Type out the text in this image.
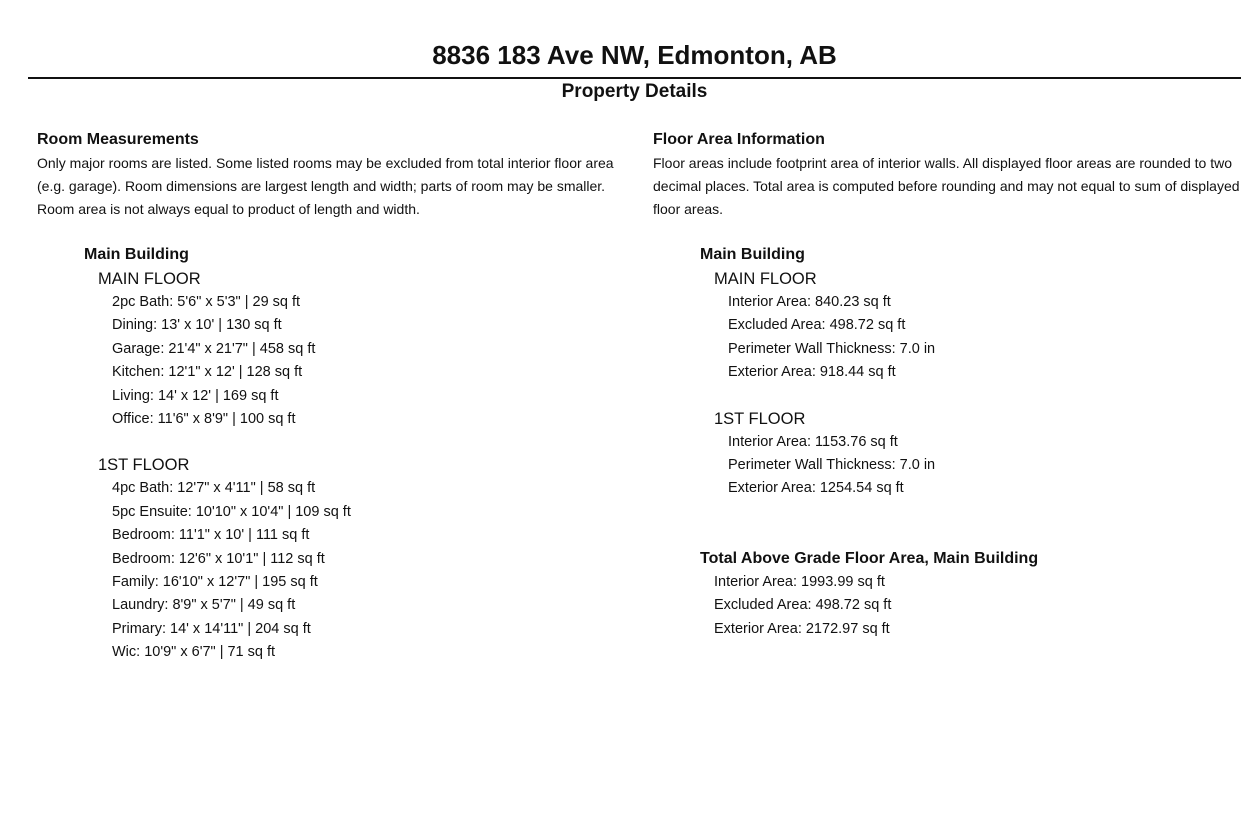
8836 183 Ave NW, Edmonton, AB
Property Details

Room Measurements

Only major rooms are listed. Some listed rooms may be excluded from total interior floor area (e.g. garage). Room dimensions are largest length and width; parts of room may be smaller. Room area is not always equal to product of length and width.

Main Building
MAIN FLOOR
2pc Bath: 5'6" x 5'3" | 29 sq ft
Dining: 13' x 10' | 130 sq ft
Garage: 21'4" x 21'7" | 458 sq ft
Kitchen: 12'1" x 12' | 128 sq ft
Living: 14' x 12' | 169 sq ft
Office: 11'6" x 8'9" | 100 sq ft
1ST FLOOR
4pc Bath: 12'7" x 4'11" | 58 sq ft
5pc Ensuite: 10'10" x 10'4" | 109 sq ft
Bedroom: 11'1" x 10' | 111 sq ft
Bedroom: 12'6" x 10'1" | 112 sq ft
Family: 16'10" x 12'7" | 195 sq ft
Laundry: 8'9" x 5'7" | 49 sq ft
Primary: 14' x 14'11" | 204 sq ft
Wic: 10'9" x 6'7" | 71 sq ft

Floor Area Information

Floor areas include footprint area of interior walls. All displayed floor areas are rounded to two decimal places. Total area is computed before rounding and may not equal to sum of displayed floor areas.

Main Building
MAIN FLOOR
Interior Area: 840.23 sq ft
Excluded Area: 498.72 sq ft
Perimeter Wall Thickness: 7.0 in
Exterior Area: 918.44 sq ft
1ST FLOOR
Interior Area: 1153.76 sq ft
Perimeter Wall Thickness: 7.0 in
Exterior Area: 1254.54 sq ft
Total Above Grade Floor Area, Main Building
Interior Area: 1993.99 sq ft
Excluded Area: 498.72 sq ft
Exterior Area: 2172.97 sq ft
